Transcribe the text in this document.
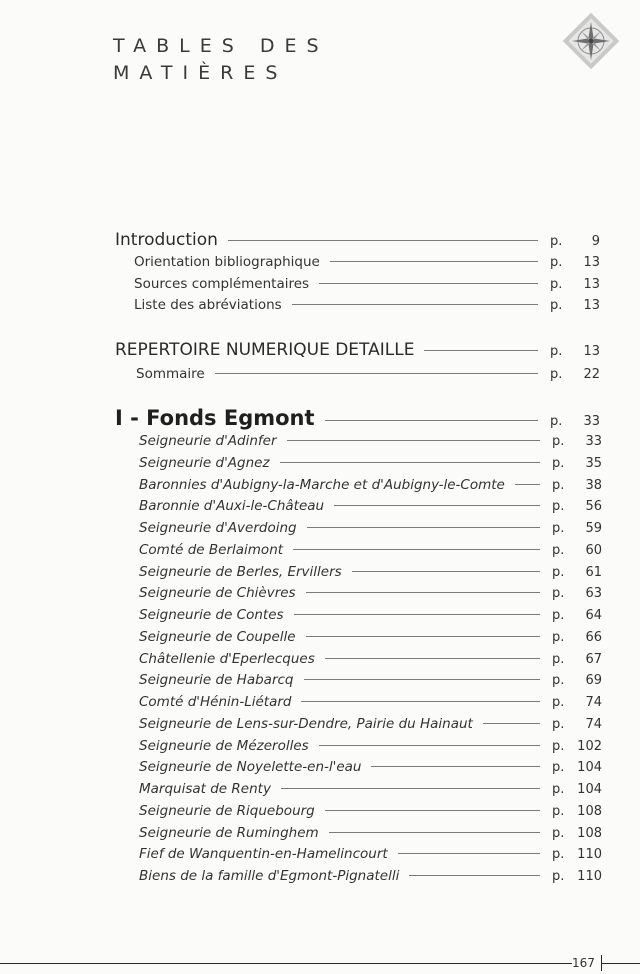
TABLES DES
MATIÈRES
Introduction	p. 9
Orientation bibliographique	p. 13
Sources complémentaires	p. 13
Liste des abréviations	p. 13
REPERTOIRE NUMERIQUE DETAILLE	p. 13
Sommaire	p. 22
I - Fonds Egmont	p. 33
Seigneurie d'Adinfer	p. 33
Seigneurie d'Agnez	p. 35
Baronnies d'Aubigny-la-Marche et d'Aubigny-le-Comte	p. 38
Baronnie d'Auxi-le-Château	p. 56
Seigneurie d'Averdoing	p. 59
Comté de Berlaimont	p. 60
Seigneurie de Berles, Ervillers	p. 61
Seigneurie de Chièvres	p. 63
Seigneurie de Contes	p. 64
Seigneurie de Coupelle	p. 66
Châtellenie d'Eperlecques	p. 67
Seigneurie de Habarcq	p. 69
Comté d'Hénin-Liétard	p. 74
Seigneurie de Lens-sur-Dendre, Pairie du Hainaut	p. 74
Seigneurie de Mézerolles	p. 102
Seigneurie de Noyelette-en-l'eau	p. 104
Marquisat de Renty	p. 104
Seigneurie de Riquebourg	p. 108
Seigneurie de Ruminghem	p. 108
Fief de Wanquentin-en-Hamelincourt	p. 110
Biens de la famille d'Egmont-Pignatelli	p. 110
167
